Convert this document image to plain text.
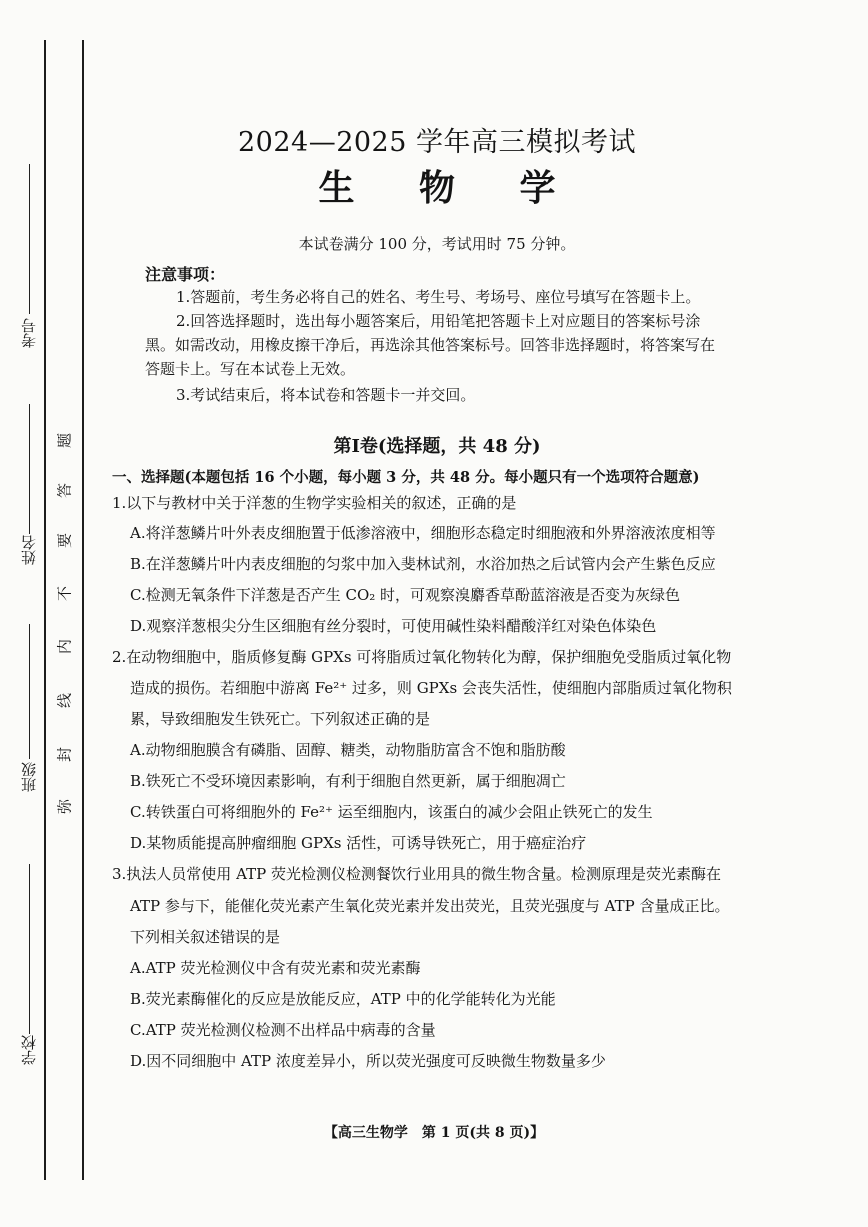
考号
姓名
班级
学校
题
答
要
不
内
线
封
弥
2024—2025 学年高三模拟考试
生 物 学
本试卷满分 100 分，考试用时 75 分钟。
注意事项：
1.答题前，考生务必将自己的姓名、考生号、考场号、座位号填写在答题卡上。
2.回答选择题时，选出每小题答案后，用铅笔把答题卡上对应题目的答案标号涂
黑。如需改动，用橡皮擦干净后，再选涂其他答案标号。回答非选择题时，将答案写在
答题卡上。写在本试卷上无效。
3.考试结束后，将本试卷和答题卡一并交回。
第Ⅰ卷(选择题，共 48 分)
一、选择题(本题包括 16 个小题，每小题 3 分，共 48 分。每小题只有一个选项符合题意)
1.以下与教材中关于洋葱的生物学实验相关的叙述，正确的是
A.将洋葱鳞片叶外表皮细胞置于低渗溶液中，细胞形态稳定时细胞液和外界溶液浓度相等
B.在洋葱鳞片叶内表皮细胞的匀浆中加入斐林试剂，水浴加热之后试管内会产生紫色反应
C.检测无氧条件下洋葱是否产生 CO₂ 时，可观察溴麝香草酚蓝溶液是否变为灰绿色
D.观察洋葱根尖分生区细胞有丝分裂时，可使用碱性染料醋酸洋红对染色体染色
2.在动物细胞中，脂质修复酶 GPXs 可将脂质过氧化物转化为醇，保护细胞免受脂质过氧化物
造成的损伤。若细胞中游离 Fe²⁺ 过多，则 GPXs 会丧失活性，使细胞内部脂质过氧化物积
累，导致细胞发生铁死亡。下列叙述正确的是
A.动物细胞膜含有磷脂、固醇、糖类，动物脂肪富含不饱和脂肪酸
B.铁死亡不受环境因素影响，有利于细胞自然更新，属于细胞凋亡
C.转铁蛋白可将细胞外的 Fe²⁺ 运至细胞内，该蛋白的减少会阻止铁死亡的发生
D.某物质能提高肿瘤细胞 GPXs 活性，可诱导铁死亡，用于癌症治疗
3.执法人员常使用 ATP 荧光检测仪检测餐饮行业用具的微生物含量。检测原理是荧光素酶在
ATP 参与下，能催化荧光素产生氧化荧光素并发出荧光，且荧光强度与 ATP 含量成正比。
下列相关叙述错误的是
A.ATP 荧光检测仪中含有荧光素和荧光素酶
B.荧光素酶催化的反应是放能反应，ATP 中的化学能转化为光能
C.ATP 荧光检测仪检测不出样品中病毒的含量
D.因不同细胞中 ATP 浓度差异小，所以荧光强度可反映微生物数量多少
【高三生物学　第 1 页(共 8 页)】
